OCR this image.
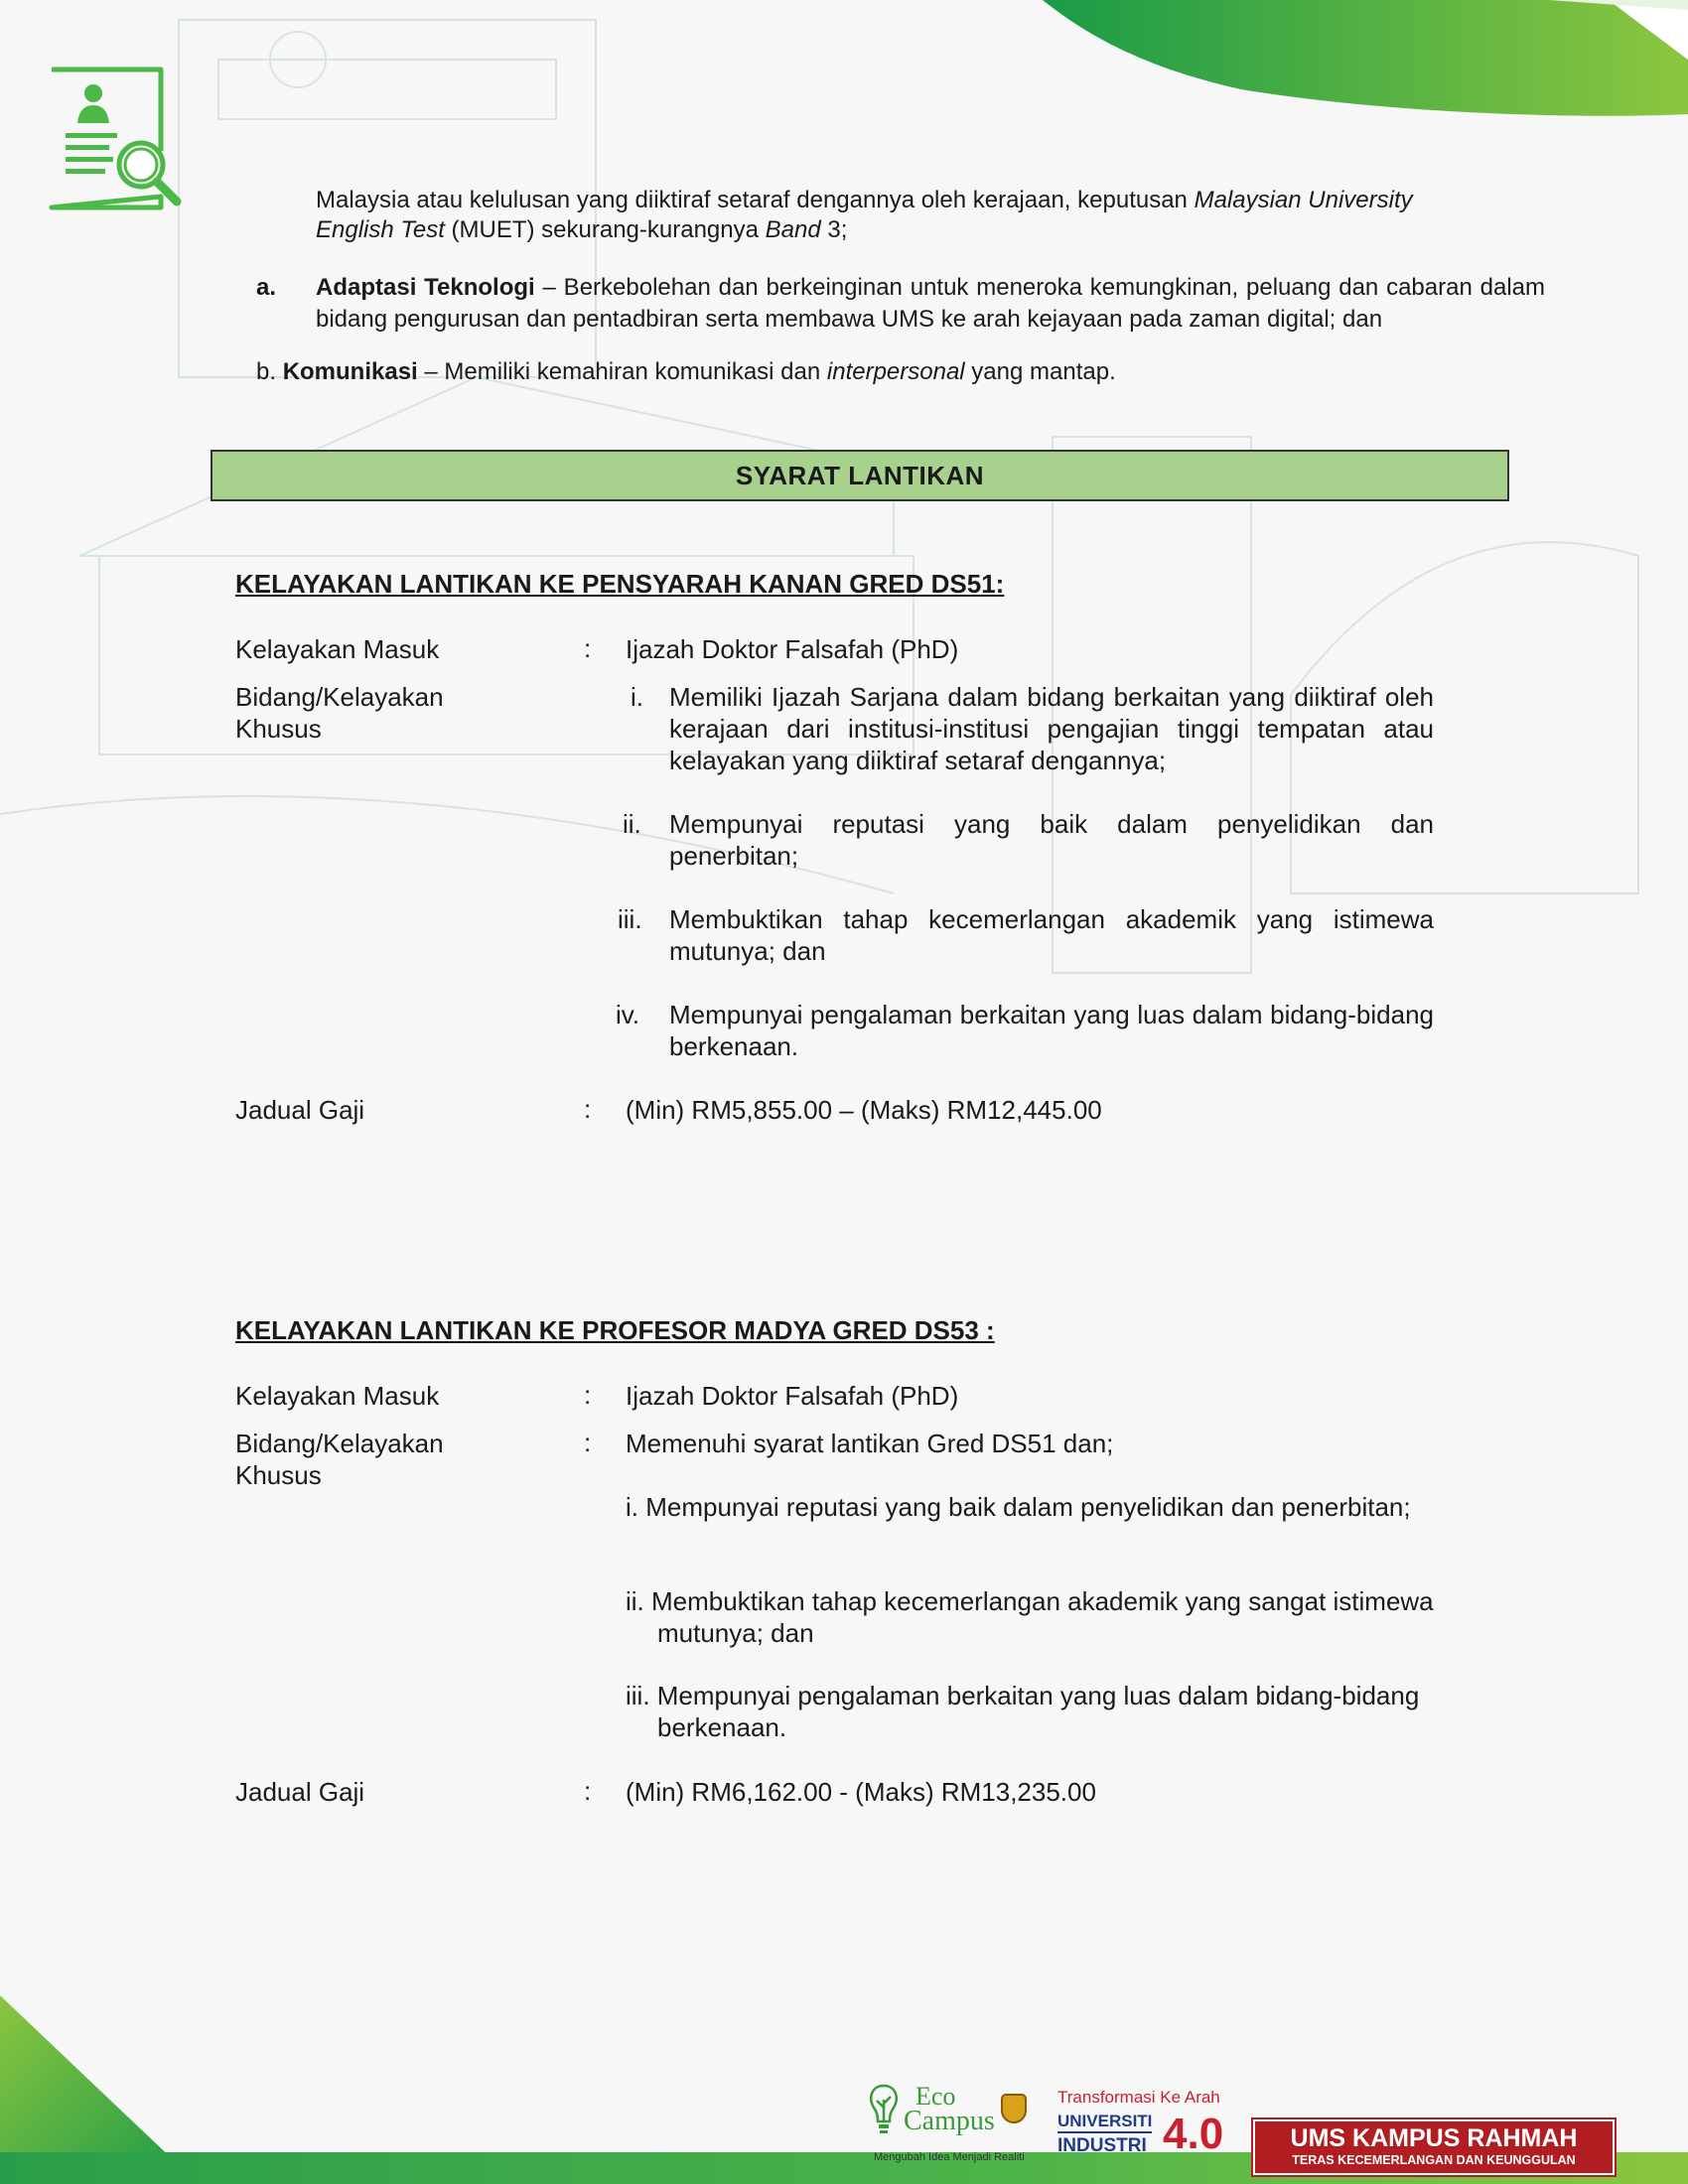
Malaysia atau kelulusan yang diiktiraf setaraf dengannya oleh kerajaan, keputusan Malaysian University
English Test (MUET) sekurang-kurangnya Band 3;
a. Adaptasi Teknologi – Berkebolehan dan berkeinginan untuk meneroka kemungkinan, peluang dan cabaran dalam bidang pengurusan dan pentadbiran serta membawa UMS ke arah kejayaan pada zaman digital; dan
b. Komunikasi – Memiliki kemahiran komunikasi dan interpersonal yang mantap.
SYARAT LANTIKAN
KELAYAKAN LANTIKAN KE PENSYARAH KANAN GRED DS51:
Kelayakan Masuk	: Ijazah Doktor Falsafah (PhD)
Bidang/Kelayakan
Khusus
i. Memiliki Ijazah Sarjana dalam bidang berkaitan yang diiktiraf oleh kerajaan dari institusi-institusi pengajian tinggi tempatan atau kelayakan yang diiktiraf setaraf dengannya;
ii. Mempunyai reputasi yang baik dalam penyelidikan dan penerbitan;
iii. Membuktikan tahap kecemerlangan akademik yang istimewa mutunya; dan
iv. Mempunyai pengalaman berkaitan yang luas dalam bidang-bidang berkenaan.
Jadual Gaji	: (Min) RM5,855.00 – (Maks) RM12,445.00
KELAYAKAN LANTIKAN KE PROFESOR MADYA GRED DS53 :
Kelayakan Masuk	: Ijazah Doktor Falsafah (PhD)
Bidang/Kelayakan
Khusus
: Memenuhi syarat lantikan Gred DS51 dan;
i. Mempunyai reputasi yang baik dalam penyelidikan dan penerbitan;
ii. Membuktikan tahap kecemerlangan akademik yang sangat istimewa mutunya; dan
iii. Mempunyai pengalaman berkaitan yang luas dalam bidang-bidang berkenaan.
Jadual Gaji	: (Min) RM6,162.00 - (Maks) RM13,235.00
Eco
Campus
Mengubah Idea Menjadi Realiti
Transformasi Ke Arah
UNIVERSITI
INDUSTRI 4.0	UMS KAMPUS RAHMAH
TERAS KECEMERLANGAN DAN KEUNGGULAN
